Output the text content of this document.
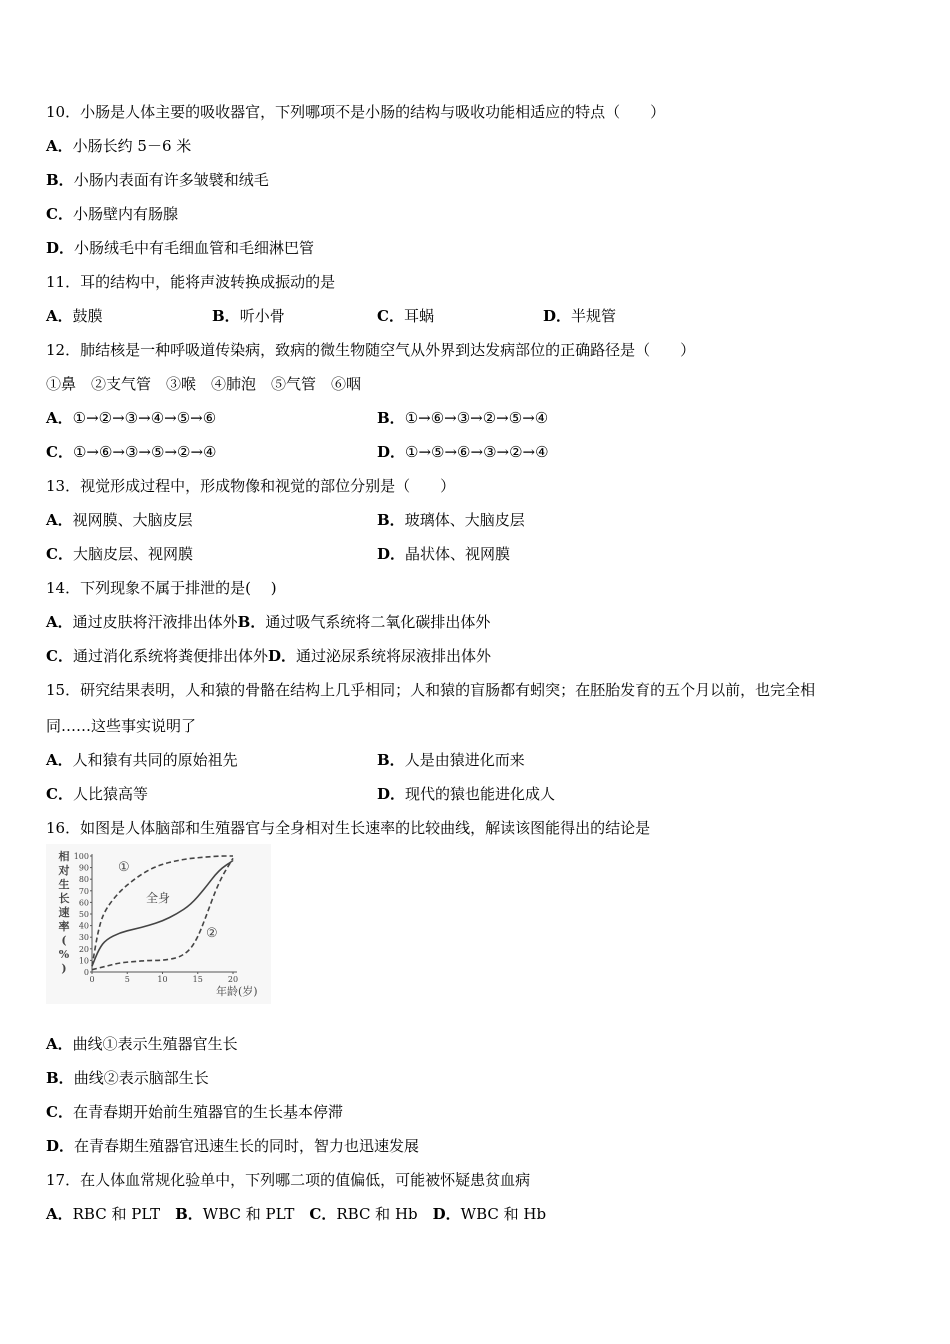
10．小肠是人体主要的吸收器官，下列哪项不是小肠的结构与吸收功能相适应的特点（　　）
A．小肠长约 5－6 米
B．小肠内表面有许多皱襞和绒毛
C．小肠壁内有肠腺
D．小肠绒毛中有毛细血管和毛细淋巴管
11．耳的结构中，能将声波转换成振动的是
A．鼓膜	B．听小骨	C．耳蜗	D．半规管
12．肺结核是一种呼吸道传染病，致病的微生物随空气从外界到达发病部位的正确路径是（　　）
①鼻　②支气管　③喉　④肺泡　⑤气管　⑥咽
A．①→②→③→④→⑤→⑥	B．①→⑥→③→②→⑤→④
C．①→⑥→③→⑤→②→④	D．①→⑤→⑥→③→②→④
13．视觉形成过程中，形成物像和视觉的部位分别是（　　）
A．视网膜、大脑皮层	B．玻璃体、大脑皮层
C．大脑皮层、视网膜	D．晶状体、视网膜
14．下列现象不属于排泄的是(　 )
A．通过皮肤将汗液排出体外B．通过吸气系统将二氧化碳排出体外
C．通过消化系统将粪便排出体外D．通过泌尿系统将尿液排出体外
15．研究结果表明，人和猿的骨骼在结构上几乎相同；人和猿的盲肠都有蚓突；在胚胎发育的五个月以前，也完全相
同……这些事实说明了
A．人和猿有共同的原始祖先	B．人是由猿进化而来
C．人比猿高等	D．现代的猿也能进化成人
16．如图是人体脑部和生殖器官与全身相对生长速率的比较曲线，解读该图能得出的结论是
相
对
生
长
速
率
(
%
) 0
10
20
30
40
50
60
70
80
90
100
0	5	10	15	20
年龄(岁)
①
全身
②
A．曲线①表示生殖器官生长
B．曲线②表示脑部生长
C．在青春期开始前生殖器官的生长基本停滞
D．在青春期生殖器官迅速生长的同时，智力也迅速发展
17．在人体血常规化验单中，下列哪二项的值偏低，可能被怀疑患贫血病
A．RBC 和 PLT　 B．WBC 和 PLT　 C．RBC 和 Hb　 D．WBC 和 Hb
